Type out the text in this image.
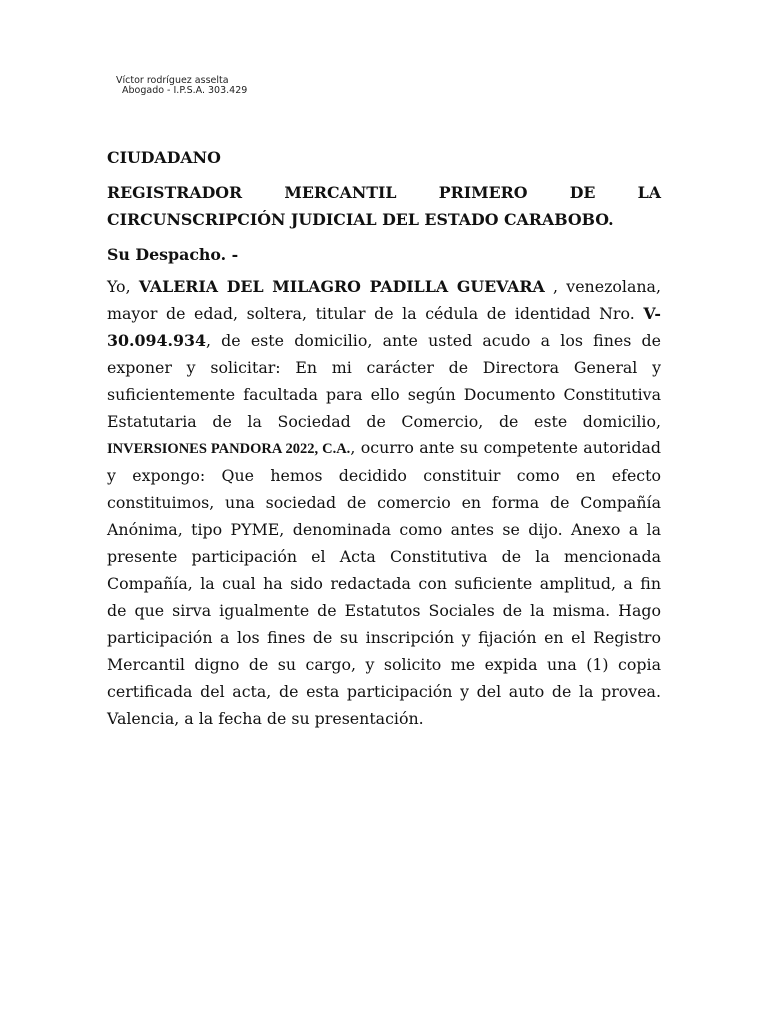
Víctor rodríguez asselta
Abogado - I.P.S.A. 303.429

CIUDADANO

REGISTRADOR MERCANTIL PRIMERO DE LA CIRCUNSCRIPCIÓN JUDICIAL DEL ESTADO CARABOBO.

Su Despacho. -

Yo, VALERIA DEL MILAGRO PADILLA GUEVARA , venezolana, mayor de edad, soltera, titular de la cédula de identidad Nro. V-30.094.934, de este domicilio, ante usted acudo a los fines de exponer y solicitar: En mi carácter de Directora General y suficientemente facultada para ello según Documento Constitutiva Estatutaria de la Sociedad de Comercio, de este domicilio, INVERSIONES PANDORA 2022, C.A., ocurro ante su competente autoridad y expongo: Que hemos decidido constituir como en efecto constituimos, una sociedad de comercio en forma de Compañía Anónima, tipo PYME, denominada como antes se dijo. Anexo a la presente participación el Acta Constitutiva de la mencionada Compañía, la cual ha sido redactada con suficiente amplitud, a fin de que sirva igualmente de Estatutos Sociales de la misma. Hago participación a los fines de su inscripción y fijación en el Registro Mercantil digno de su cargo, y solicito me expida una (1) copia certificada del acta, de esta participación y del auto de la provea. Valencia, a la fecha de su presentación.
